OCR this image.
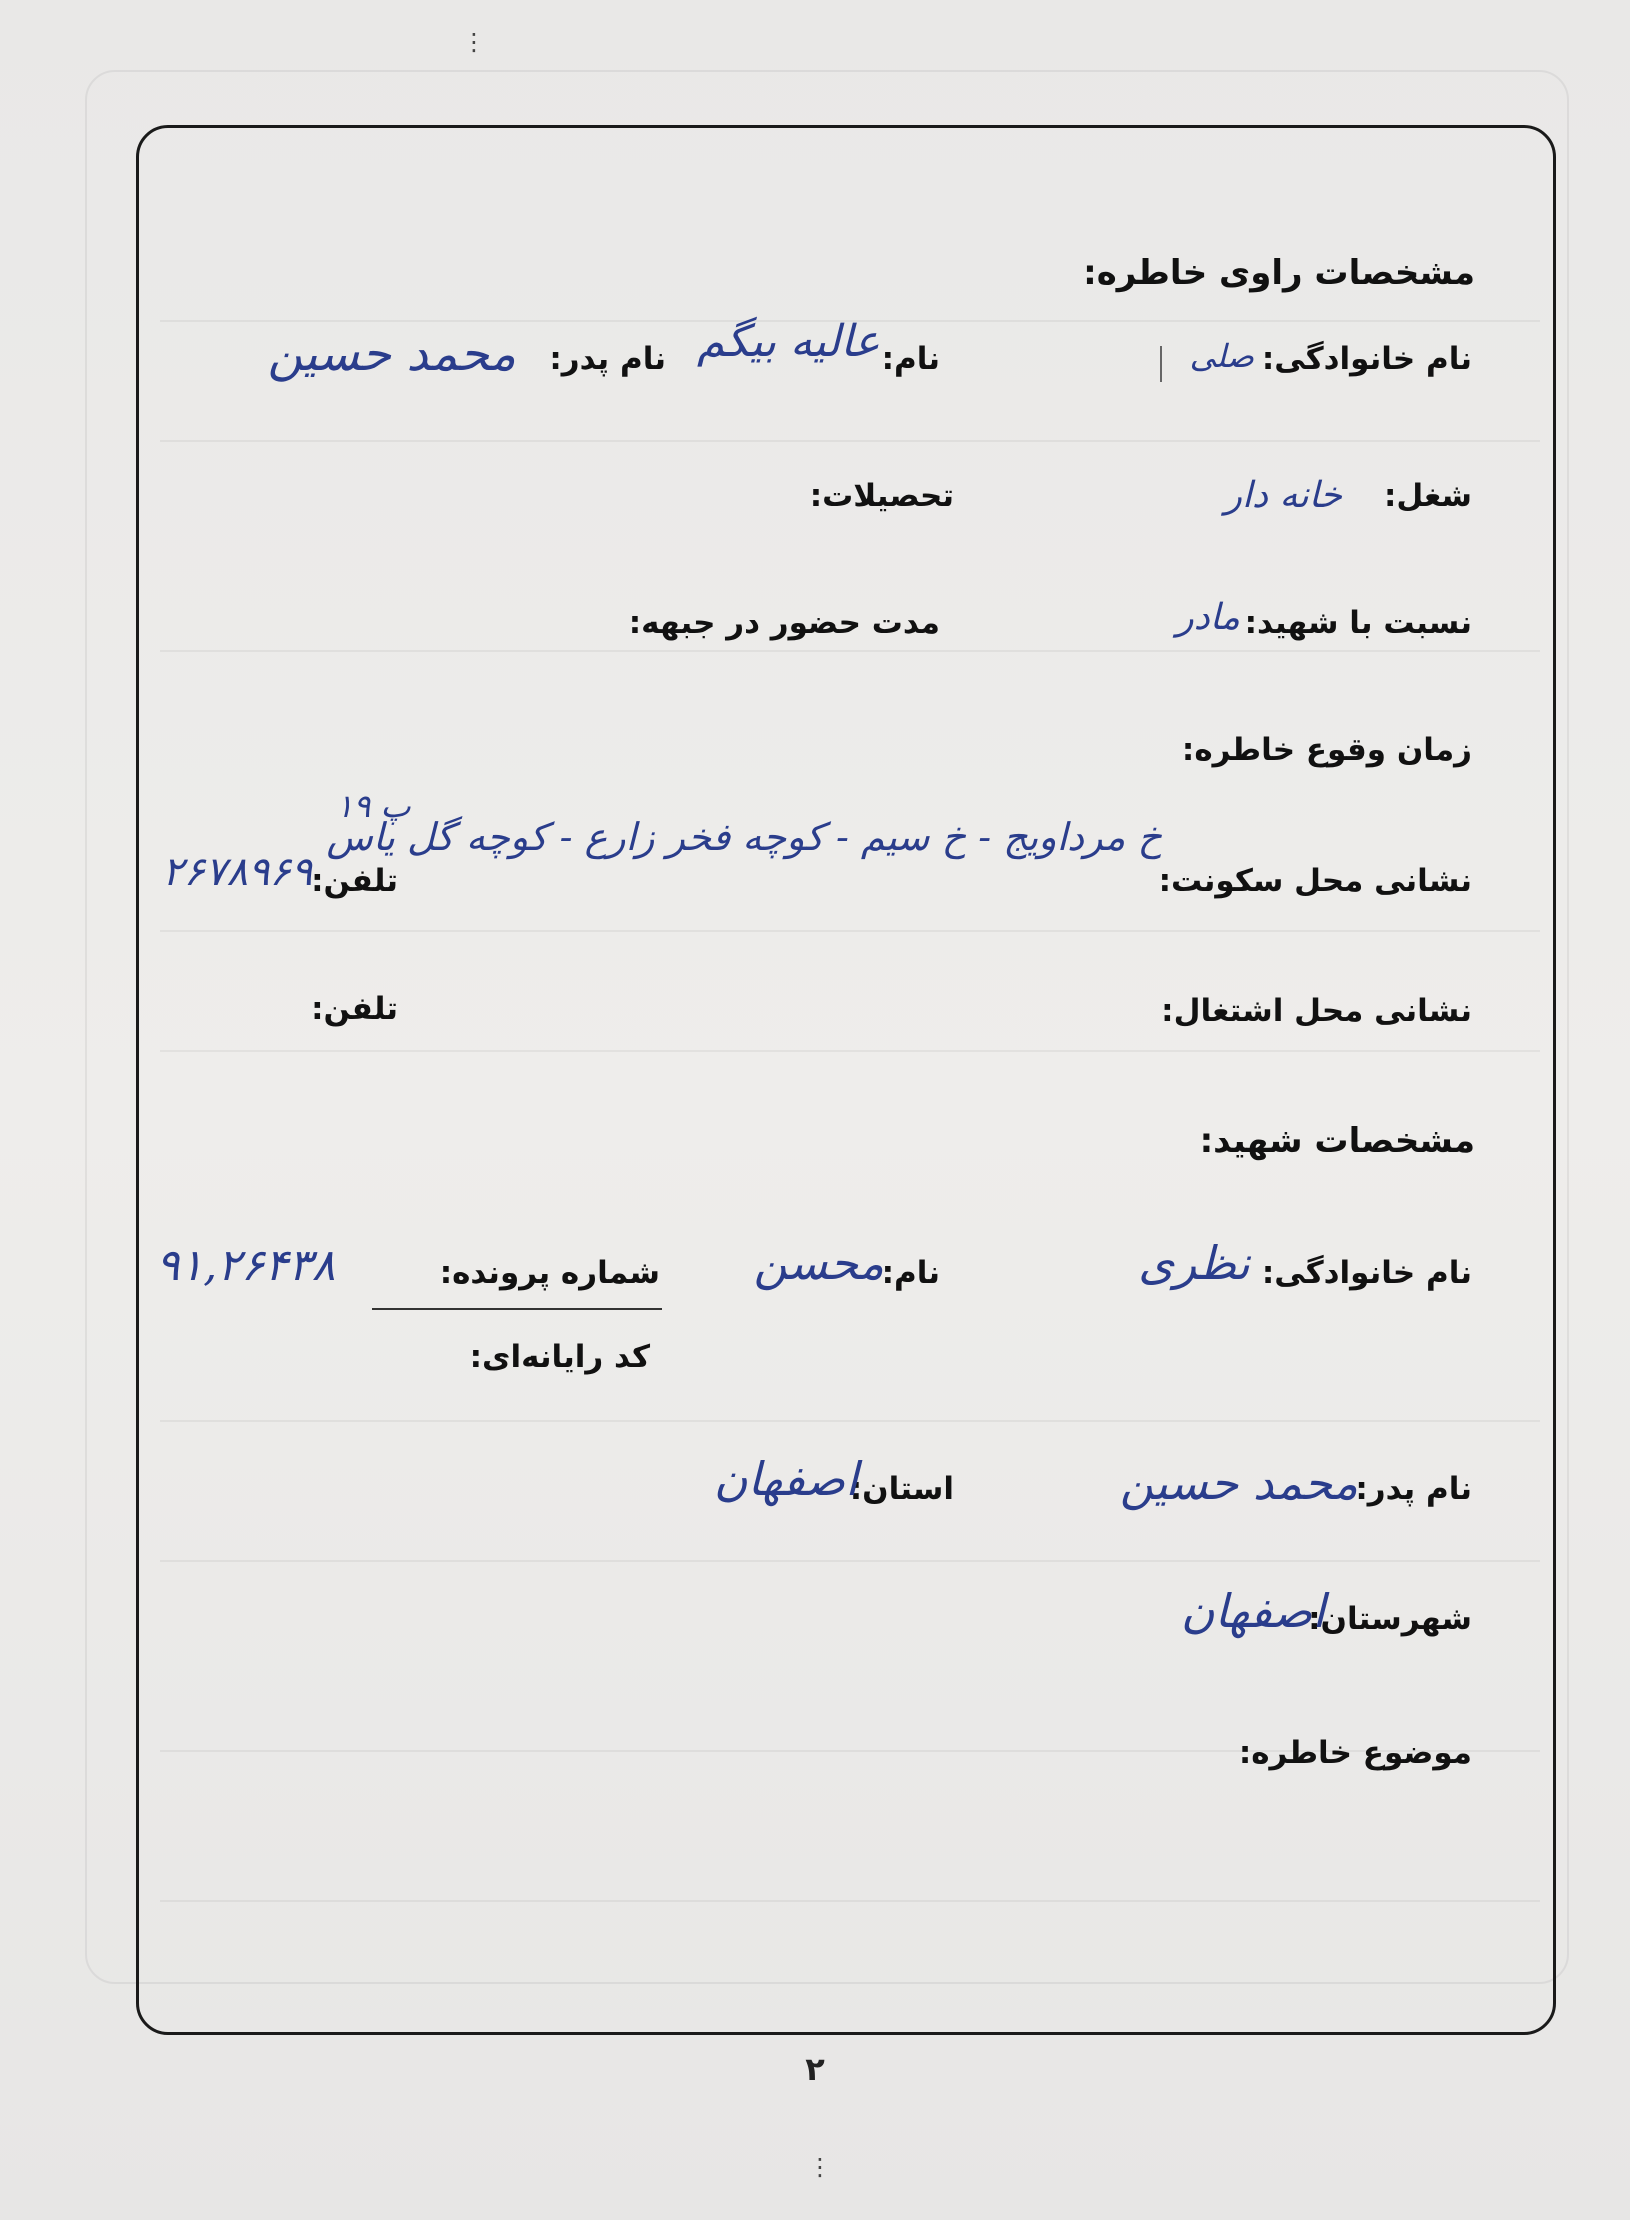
⋮
⋮
مشخصات راوی خاطره:
نام خانوادگی:
صلی
نام:
عالیه بیگم
نام پدر:
محمد حسین
شغل:
خانه دار
تحصیلات:
نسبت با شهید:
مادر
مدت حضور در جبهه:
زمان وقوع خاطره:
نشانی محل سکونت:
خ مرداویج - خ سیم - کوچه فخر زارع - کوچه گل یاس
پ ۱۹
تلفن:
۲۶۷۸۹۶۹
نشانی محل اشتغال:
تلفن:
مشخصات شهید:
نام خانوادگی:
نظری
نام:
محسن
شماره پرونده:
۹۱,۲۶۴۳۸
کد رایانه‌ای:
نام پدر:
محمد حسین
استان:
اصفهان
شهرستان:
اصفهان
موضوع خاطره:
۲
